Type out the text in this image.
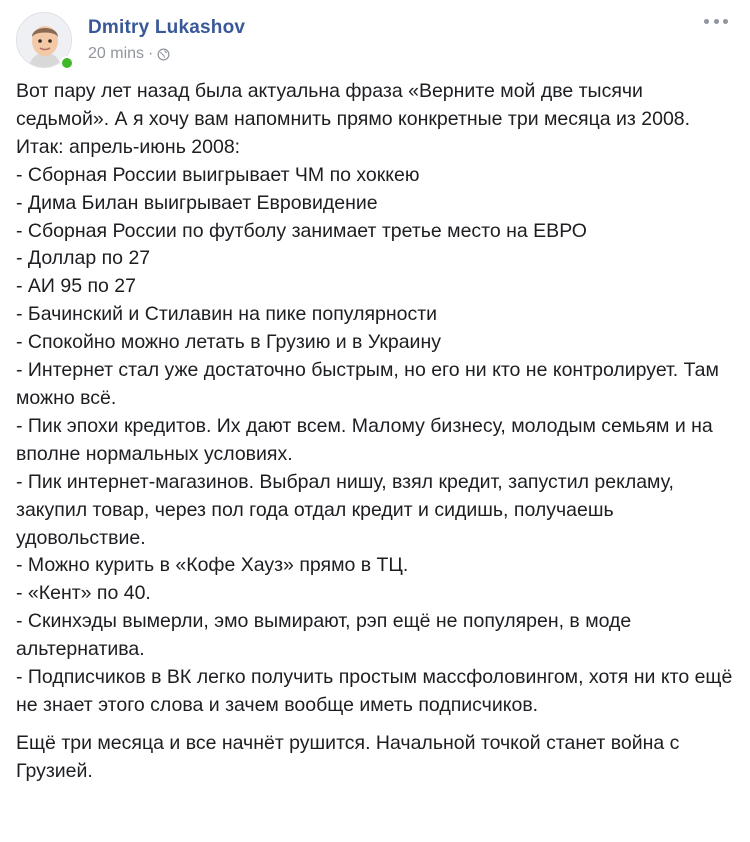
Dmitry Lukashov
20 mins ·

Вот пару лет назад была актуальна фраза «Верните мой две тысячи седьмой». А я хочу вам напомнить прямо конкретные три месяца из 2008. Итак: апрель-июнь 2008:
- Сборная России выигрывает ЧМ по хоккею
- Дима Билан выигрывает Евровидение
- Сборная России по футболу занимает третье место на ЕВРО
- Доллар по 27
- АИ 95 по 27
- Бачинский и Стилавин на пике популярности
- Спокойно можно летать в Грузию и в Украину
- Интернет стал уже достаточно быстрым, но его ни кто не контролирует. Там можно всё.
- Пик эпохи кредитов. Их дают всем. Малому бизнесу, молодым семьям и на вполне нормальных условиях.
- Пик интернет-магазинов. Выбрал нишу, взял кредит, запустил рекламу, закупил товар, через пол года отдал кредит и сидишь, получаешь удовольствие.
- Можно курить в «Кофе Хауз» прямо в ТЦ.
- «Кент» по 40.
- Скинхэды вымерли, эмо вымирают, рэп ещё не популярен, в моде альтернатива.
- Подписчиков в ВК легко получить простым массфоловингом, хотя ни кто ещё не знает этого слова и зачем вообще иметь подписчиков.

Ещё три месяца и все начнёт рушится. Начальной точкой станет война с Грузией.
